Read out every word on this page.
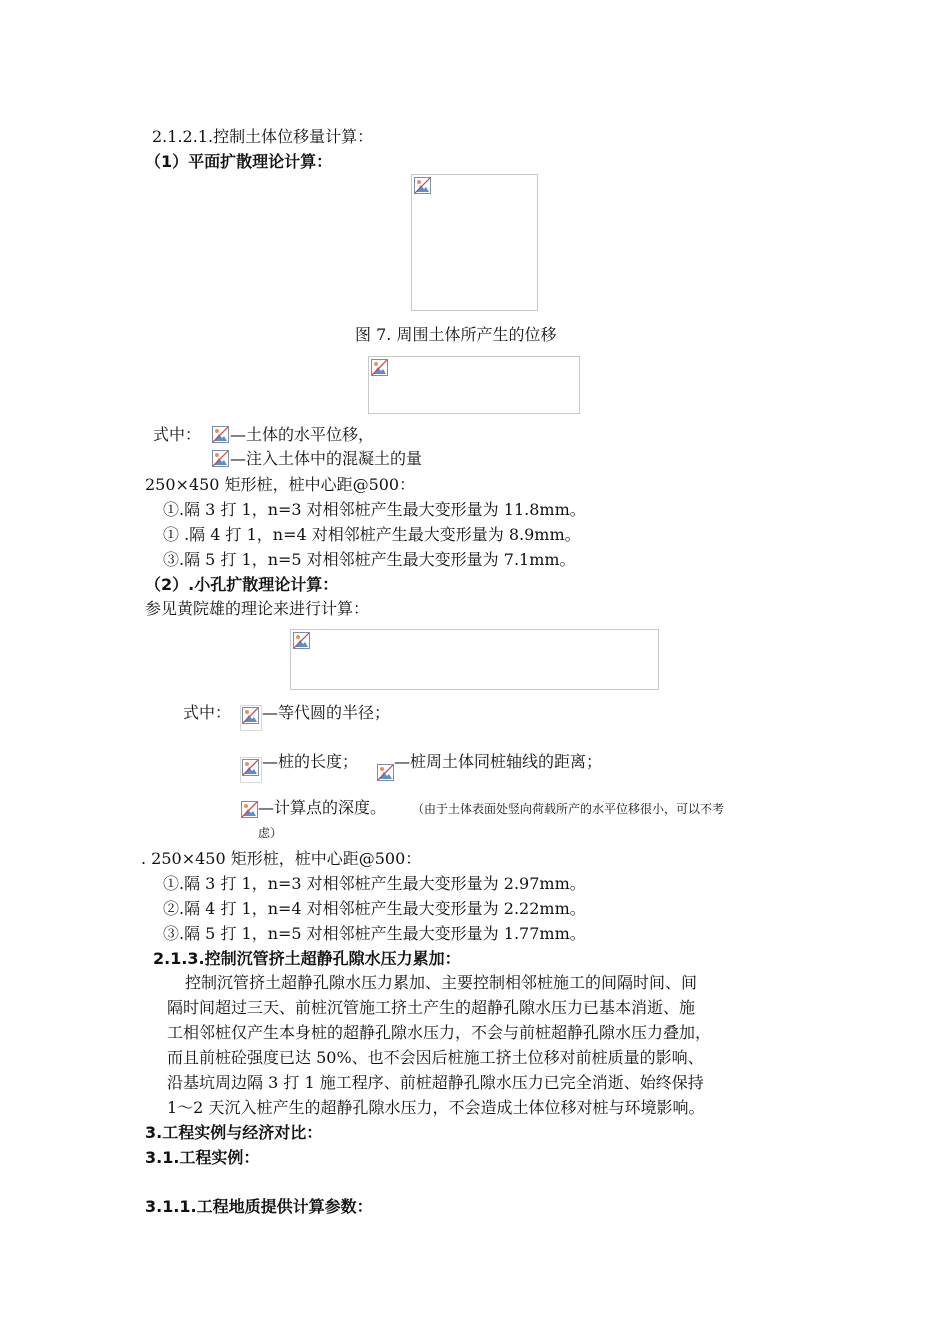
2.1.2.1.控制土体位移量计算：
（1）平面扩散理论计算：
图 7. 周围土体所产生的位移
式中： —土体的水平位移，
—注入土体中的混凝土的量
250×450 矩形桩，桩中心距@500：
①.隔 3 打 1，n=3 对相邻桩产生最大变形量为 11.8mm。
① .隔 4 打 1，n=4 对相邻桩产生最大变形量为 8.9mm。
③.隔 5 打 1，n=5 对相邻桩产生最大变形量为 7.1mm。
（2）.小孔扩散理论计算：
参见黄院雄的理论来进行计算：
式中： —等代圆的半径；
—桩的长度； —桩周土体同桩轴线的距离；
—计算点的深度。 （由于土体表面处竖向荷载所产的水平位移很小，可以不考
虑）
. 250×450 矩形桩，桩中心距@500：
①.隔 3 打 1，n=3 对相邻桩产生最大变形量为 2.97mm。
②.隔 4 打 1，n=4 对相邻桩产生最大变形量为 2.22mm。
③.隔 5 打 1，n=5 对相邻桩产生最大变形量为 1.77mm。
2.1.3.控制沉管挤土超静孔隙水压力累加：
控制沉管挤土超静孔隙水压力累加、主要控制相邻桩施工的间隔时间、间
隔时间超过三天、前桩沉管施工挤土产生的超静孔隙水压力已基本消逝、施
工相邻桩仅产生本身桩的超静孔隙水压力，不会与前桩超静孔隙水压力叠加，
而且前桩砼强度已达 50%、也不会因后桩施工挤土位移对前桩质量的影响、
沿基坑周边隔 3 打 1 施工程序、前桩超静孔隙水压力已完全消逝、始终保持
1～2 天沉入桩产生的超静孔隙水压力，不会造成土体位移对桩与环境影响。
3.工程实例与经济对比：
3.1.工程实例：
3.1.1.工程地质提供计算参数：
